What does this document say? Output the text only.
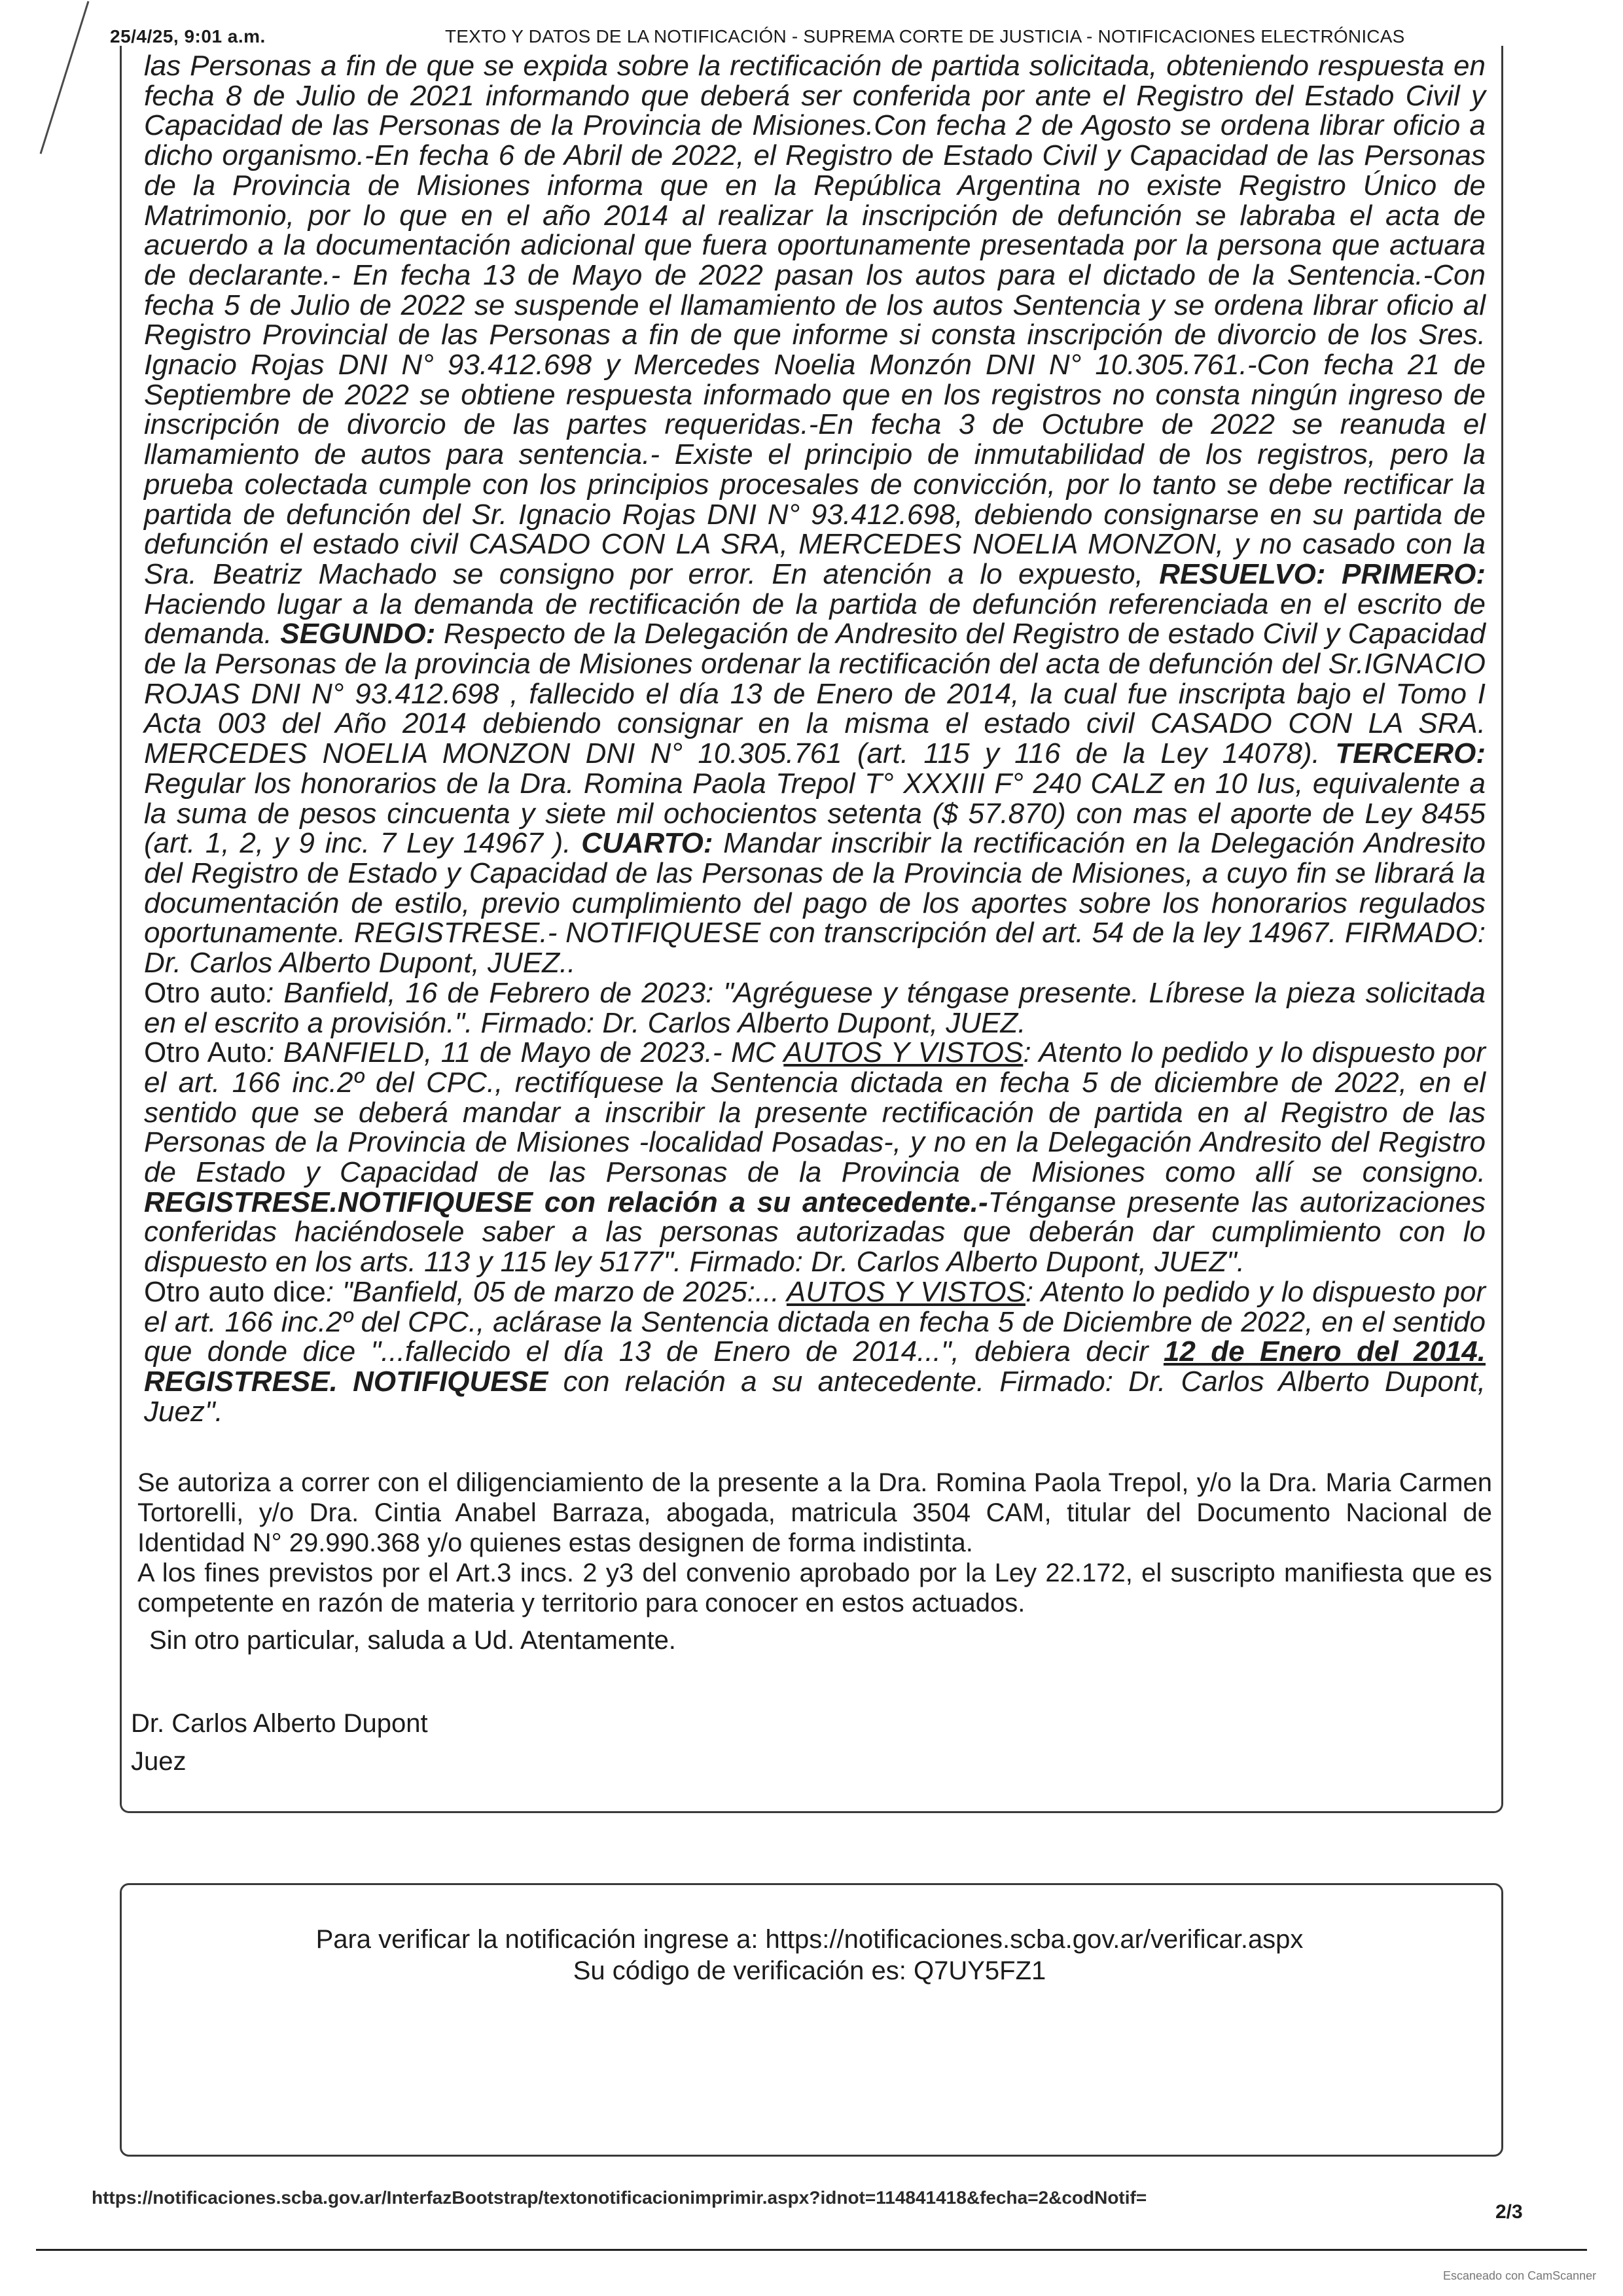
25/4/25, 9:01 a.m.	TEXTO Y DATOS DE LA NOTIFICACIÓN - SUPREMA CORTE DE JUSTICIA - NOTIFICACIONES ELECTRÓNICAS

las Personas a fin de que se expida sobre la rectificación de partida solicitada, obteniendo respuesta en fecha 8 de Julio de 2021 informando que deberá ser conferida por ante el Registro del Estado Civil y Capacidad de las Personas de la Provincia de Misiones.Con fecha 2 de Agosto se ordena librar oficio a dicho organismo.-En fecha 6 de Abril de 2022, el Registro de Estado Civil y Capacidad de las Personas de la Provincia de Misiones informa que en la República Argentina no existe Registro Único de Matrimonio, por lo que en el año 2014 al realizar la inscripción de defunción se labraba el acta de acuerdo a la documentación adicional que fuera oportunamente presentada por la persona que actuara de declarante.- En fecha 13 de Mayo de 2022 pasan los autos para el dictado de la Sentencia.-Con fecha 5 de Julio de 2022 se suspende el llamamiento de los autos Sentencia y se ordena librar oficio al Registro Provincial de las Personas a fin de que informe si consta inscripción de divorcio de los Sres. Ignacio Rojas DNI N° 93.412.698 y Mercedes Noelia Monzón DNI N° 10.305.761.-Con fecha 21 de Septiembre de 2022 se obtiene respuesta informado que en los registros no consta ningún ingreso de inscripción de divorcio de las partes requeridas.-En fecha 3 de Octubre de 2022 se reanuda el llamamiento de autos para sentencia.- Existe el principio de inmutabilidad de los registros, pero la prueba colectada cumple con los principios procesales de convicción, por lo tanto se debe rectificar la partida de defunción del Sr. Ignacio Rojas DNI N° 93.412.698, debiendo consignarse en su partida de defunción el estado civil CASADO CON LA SRA, MERCEDES NOELIA MONZON, y no casado con la Sra. Beatriz Machado se consigno por error. En atención a lo expuesto, RESUELVO: PRIMERO: Haciendo lugar a la demanda de rectificación de la partida de defunción referenciada en el escrito de demanda. SEGUNDO: Respecto de la Delegación de Andresito del Registro de estado Civil y Capacidad de la Personas de la provincia de Misiones ordenar la rectificación del acta de defunción del Sr.IGNACIO ROJAS DNI N° 93.412.698 , fallecido el día 13 de Enero de 2014, la cual fue inscripta bajo el Tomo I Acta 003 del Año 2014 debiendo consignar en la misma el estado civil CASADO CON LA SRA. MERCEDES NOELIA MONZON DNI N° 10.305.761 (art. 115 y 116 de la Ley 14078). TERCERO: Regular los honorarios de la Dra. Romina Paola Trepol T° XXXIII F° 240 CALZ en 10 Ius, equivalente a la suma de pesos cincuenta y siete mil ochocientos setenta ($ 57.870) con mas el aporte de Ley 8455 (art. 1, 2, y 9 inc. 7 Ley 14967 ). CUARTO: Mandar inscribir la rectificación en la Delegación Andresito del Registro de Estado y Capacidad de las Personas de la Provincia de Misiones, a cuyo fin se librará la documentación de estilo, previo cumplimiento del pago de los aportes sobre los honorarios regulados oportunamente. REGISTRESE.- NOTIFIQUESE con transcripción del art. 54 de la ley 14967. FIRMADO: Dr. Carlos Alberto Dupont, JUEZ..

Otro auto: Banfield, 16 de Febrero de 2023: "Agréguese y téngase presente. Líbrese la pieza solicitada en el escrito a provisión.". Firmado: Dr. Carlos Alberto Dupont, JUEZ.

Otro Auto: BANFIELD, 11 de Mayo de 2023.- MC AUTOS Y VISTOS: Atento lo pedido y lo dispuesto por el art. 166 inc.2º del CPC., rectifíquese la Sentencia dictada en fecha 5 de diciembre de 2022, en el sentido que se deberá mandar a inscribir la presente rectificación de partida en al Registro de las Personas de la Provincia de Misiones -localidad Posadas-, y no en la Delegación Andresito del Registro de Estado y Capacidad de las Personas de la Provincia de Misiones como allí se consigno. REGISTRESE.NOTIFIQUESE con relación a su antecedente.-Ténganse presente las autorizaciones conferidas haciéndosele saber a las personas autorizadas que deberán dar cumplimiento con lo dispuesto en los arts. 113 y 115 ley 5177". Firmado: Dr. Carlos Alberto Dupont, JUEZ".

Otro auto dice: "Banfield, 05 de marzo de 2025:... AUTOS Y VISTOS: Atento lo pedido y lo dispuesto por el art. 166 inc.2º del CPC., aclárase la Sentencia dictada en fecha 5 de Diciembre de 2022, en el sentido que donde dice "...fallecido el día 13 de Enero de 2014...", debiera decir 12 de Enero del 2014. REGISTRESE. NOTIFIQUESE con relación a su antecedente. Firmado: Dr. Carlos Alberto Dupont, Juez".

Se autoriza a correr con el diligenciamiento de la presente a la Dra. Romina Paola Trepol, y/o la Dra. Maria Carmen Tortorelli, y/o Dra. Cintia Anabel Barraza, abogada, matricula 3504 CAM, titular del Documento Nacional de Identidad N° 29.990.368 y/o quienes estas designen de forma indistinta.

A los fines previstos por el Art.3 incs. 2 y3 del convenio aprobado por la Ley 22.172, el suscripto manifiesta que es competente en razón de materia y territorio para conocer en estos actuados.

Sin otro particular, saluda a Ud. Atentamente.
Dr. Carlos Alberto Dupont
Juez
Para verificar la notificación ingrese a: https://notificaciones.scba.gov.ar/verificar.aspx
Su código de verificación es: Q7UY5FZ1
https://notificaciones.scba.gov.ar/InterfazBootstrap/textonotificacionimprimir.aspx?idnot=114841418&fecha=2&codNotif=
2/3
Escaneado con CamScanner
